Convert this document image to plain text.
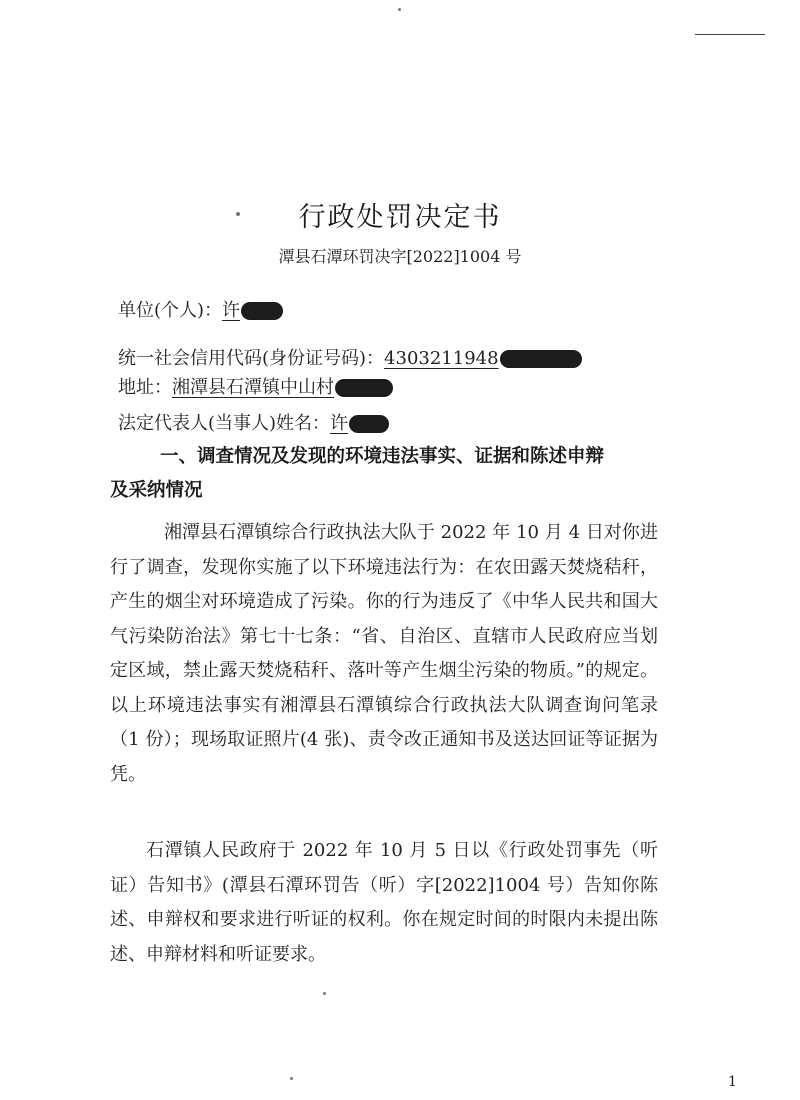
行政处罚决定书
潭县石潭环罚决字[2022]1004 号
单位(个人)：许
统一社会信用代码(身份证号码)：4303211948
地址：湘潭县石潭镇中山村
法定代表人(当事人)姓名：许
一、调查情况及发现的环境违法事实、证据和陈述申辩
及采纳情况
湘潭县石潭镇综合行政执法大队于 2022 年 10 月 4 日对你进行了调查，发现你实施了以下环境违法行为：在农田露天焚烧秸秆，产生的烟尘对环境造成了污染。你的行为违反了《中华人民共和国大气污染防治法》第七十七条：“省、自治区、直辖市人民政府应当划定区域，禁止露天焚烧秸秆、落叶等产生烟尘污染的物质。”的规定。以上环境违法事实有湘潭县石潭镇综合行政执法大队调查询问笔录（1 份）；现场取证照片(4 张)、责令改正通知书及送达回证等证据为凭。
石潭镇人民政府于 2022 年 10 月 5 日以《行政处罚事先（听证）告知书》(潭县石潭环罚告（听）字[2022]1004 号）告知你陈述、申辩权和要求进行听证的权利。你在规定时间的时限内未提出陈述、申辩材料和听证要求。
1
